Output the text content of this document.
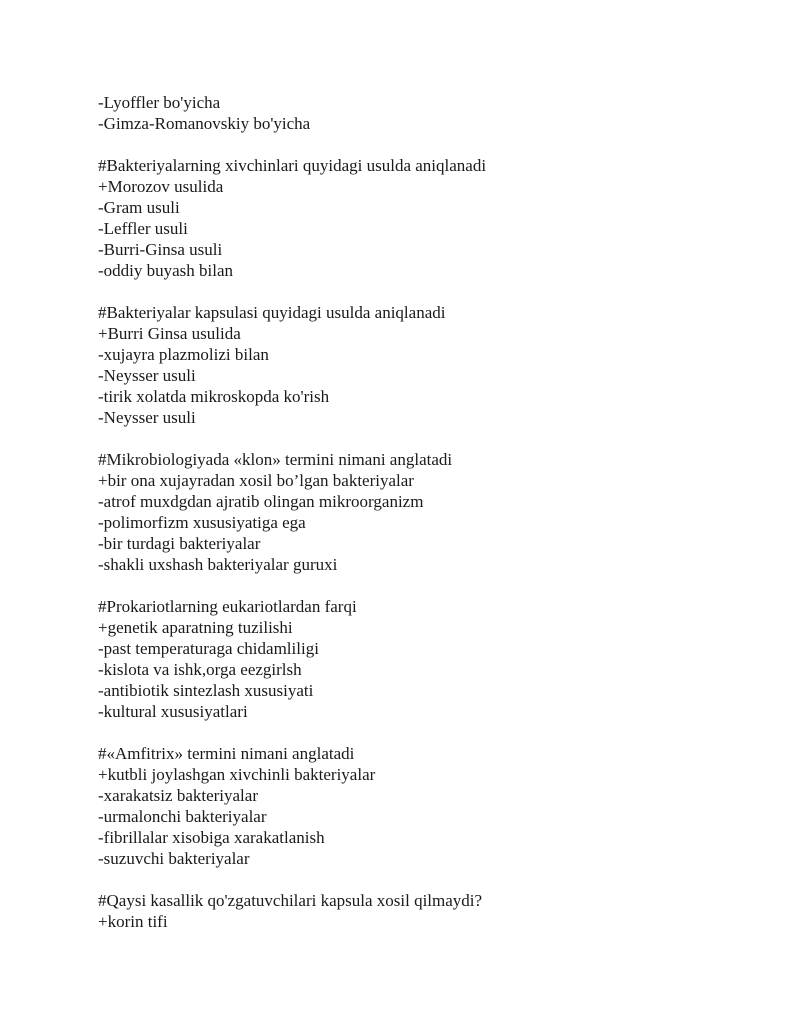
-Lyoffler bo'yicha
-Gimza-Romanovskiy bo'yicha
#Bakteriyalarning xivchinlari quyidagi usulda aniqlanadi
+Morozov usulida
-Gram usuli
-Leffler usuli
-Burri-Ginsa usuli
-oddiy buyash bilan
#Bakteriyalar kapsulasi quyidagi usulda aniqlanadi
+Burri Ginsa usulida
-xujayra plazmolizi bilan
-Neysser usuli
-tirik xolatda mikroskopda ko'rish
-Neysser usuli
#Mikrobiologiyada «klon» termini nimani anglatadi
+bir ona xujayradan xosil bo’lgan bakteriyalar
-atrof muxdgdan ajratib olingan mikroorganizm
-polimorfizm xususiyatiga ega
-bir turdagi bakteriyalar
-shakli uxshash bakteriyalar guruxi
#Prokariotlarning eukariotlardan farqi
+genetik aparatning tuzilishi
-past temperaturaga chidamliligi
-kislota va ishk,orga eezgirlsh
-antibiotik sintezlash xususiyati
-kultural xususiyatlari
#«Amfitrix» termini nimani anglatadi
+kutbli joylashgan xivchinli bakteriyalar
-xarakatsiz bakteriyalar
-urmalonchi bakteriyalar
-fibrillalar xisobiga xarakatlanish
-suzuvchi bakteriyalar
#Qaysi kasallik qo'zgatuvchilari kapsula xosil qilmaydi?
+korin tifi
